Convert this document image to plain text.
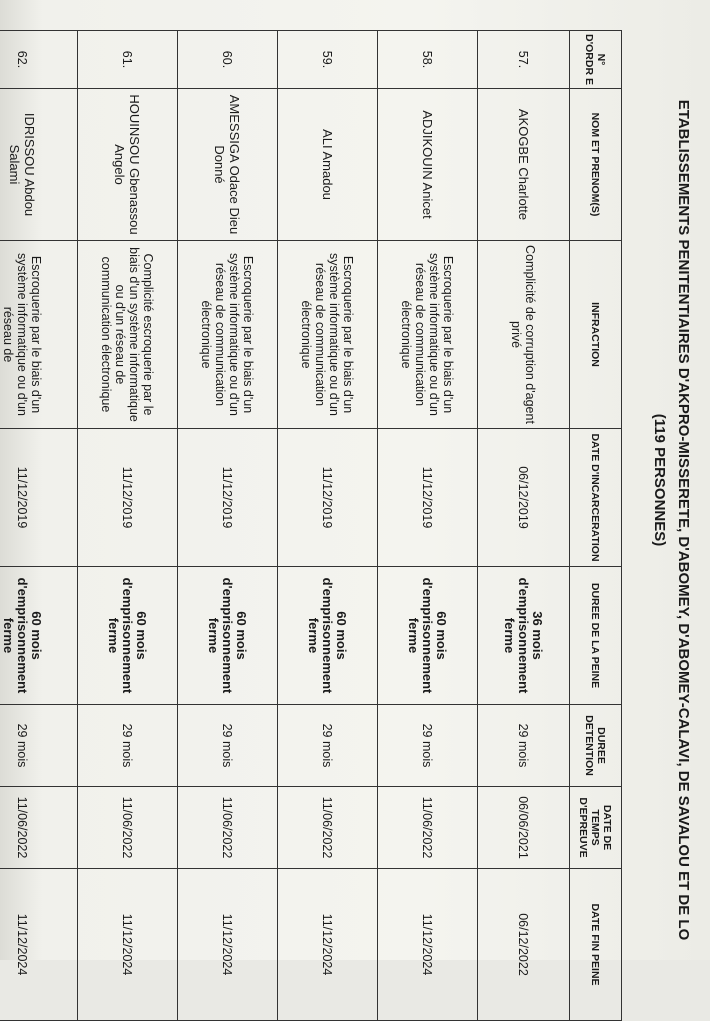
ETABLISSEMENTS PENITENTIAIRES D'AKPRO-MISSERETE, D'ABOMEY, D'ABOMEY-CALAVI, DE SAVALOU ET DE LO
(119 PERSONNES)
N° D'ORDR E	NOM ET PRENOM(S)	INFRACTION	DATE D'INCARCERATION	DUREE DE LA PEINE	DUREE DETENTION	DATE DE TEMPS D'EPREUVE	DATE FIN PEINE
57.	AKOGBE Charlotte	Complicité de corruption d'agent privé	06/12/2019	36 mois d'emprisonnement ferme	29 mois	06/06/2021	06/12/2022
58.	ADJIKOUIN Anicet	Escroquerie par le biais d'un système informatique ou d'un réseau de communication électronique	11/12/2019	60 mois d'emprisonnement ferme	29 mois	11/06/2022	11/12/2024
59.	ALI Amadou	Escroquerie par le biais d'un système informatique ou d'un réseau de communication électronique	11/12/2019	60 mois d'emprisonnement ferme	29 mois	11/06/2022	11/12/2024
60.	AMESSIGA Odace Dieu Donné	Escroquerie par le biais d'un système informatique ou d'un réseau de communication électronique	11/12/2019	60 mois d'emprisonnement ferme	29 mois	11/06/2022	11/12/2024
61.	HOUINSOU Gbenassou Angelo	Complicité escroquerie par le biais d'un système informatique ou d'un réseau de communication électronique	11/12/2019	60 mois d'emprisonnement ferme	29 mois	11/06/2022	11/12/2024
62.	IDRISSOU Abdou Salami	Escroquerie par le biais d'un système informatique ou d'un réseau de	11/12/2019	60 mois d'emprisonnement ferme	29 mois	11/06/2022	11/12/2024
